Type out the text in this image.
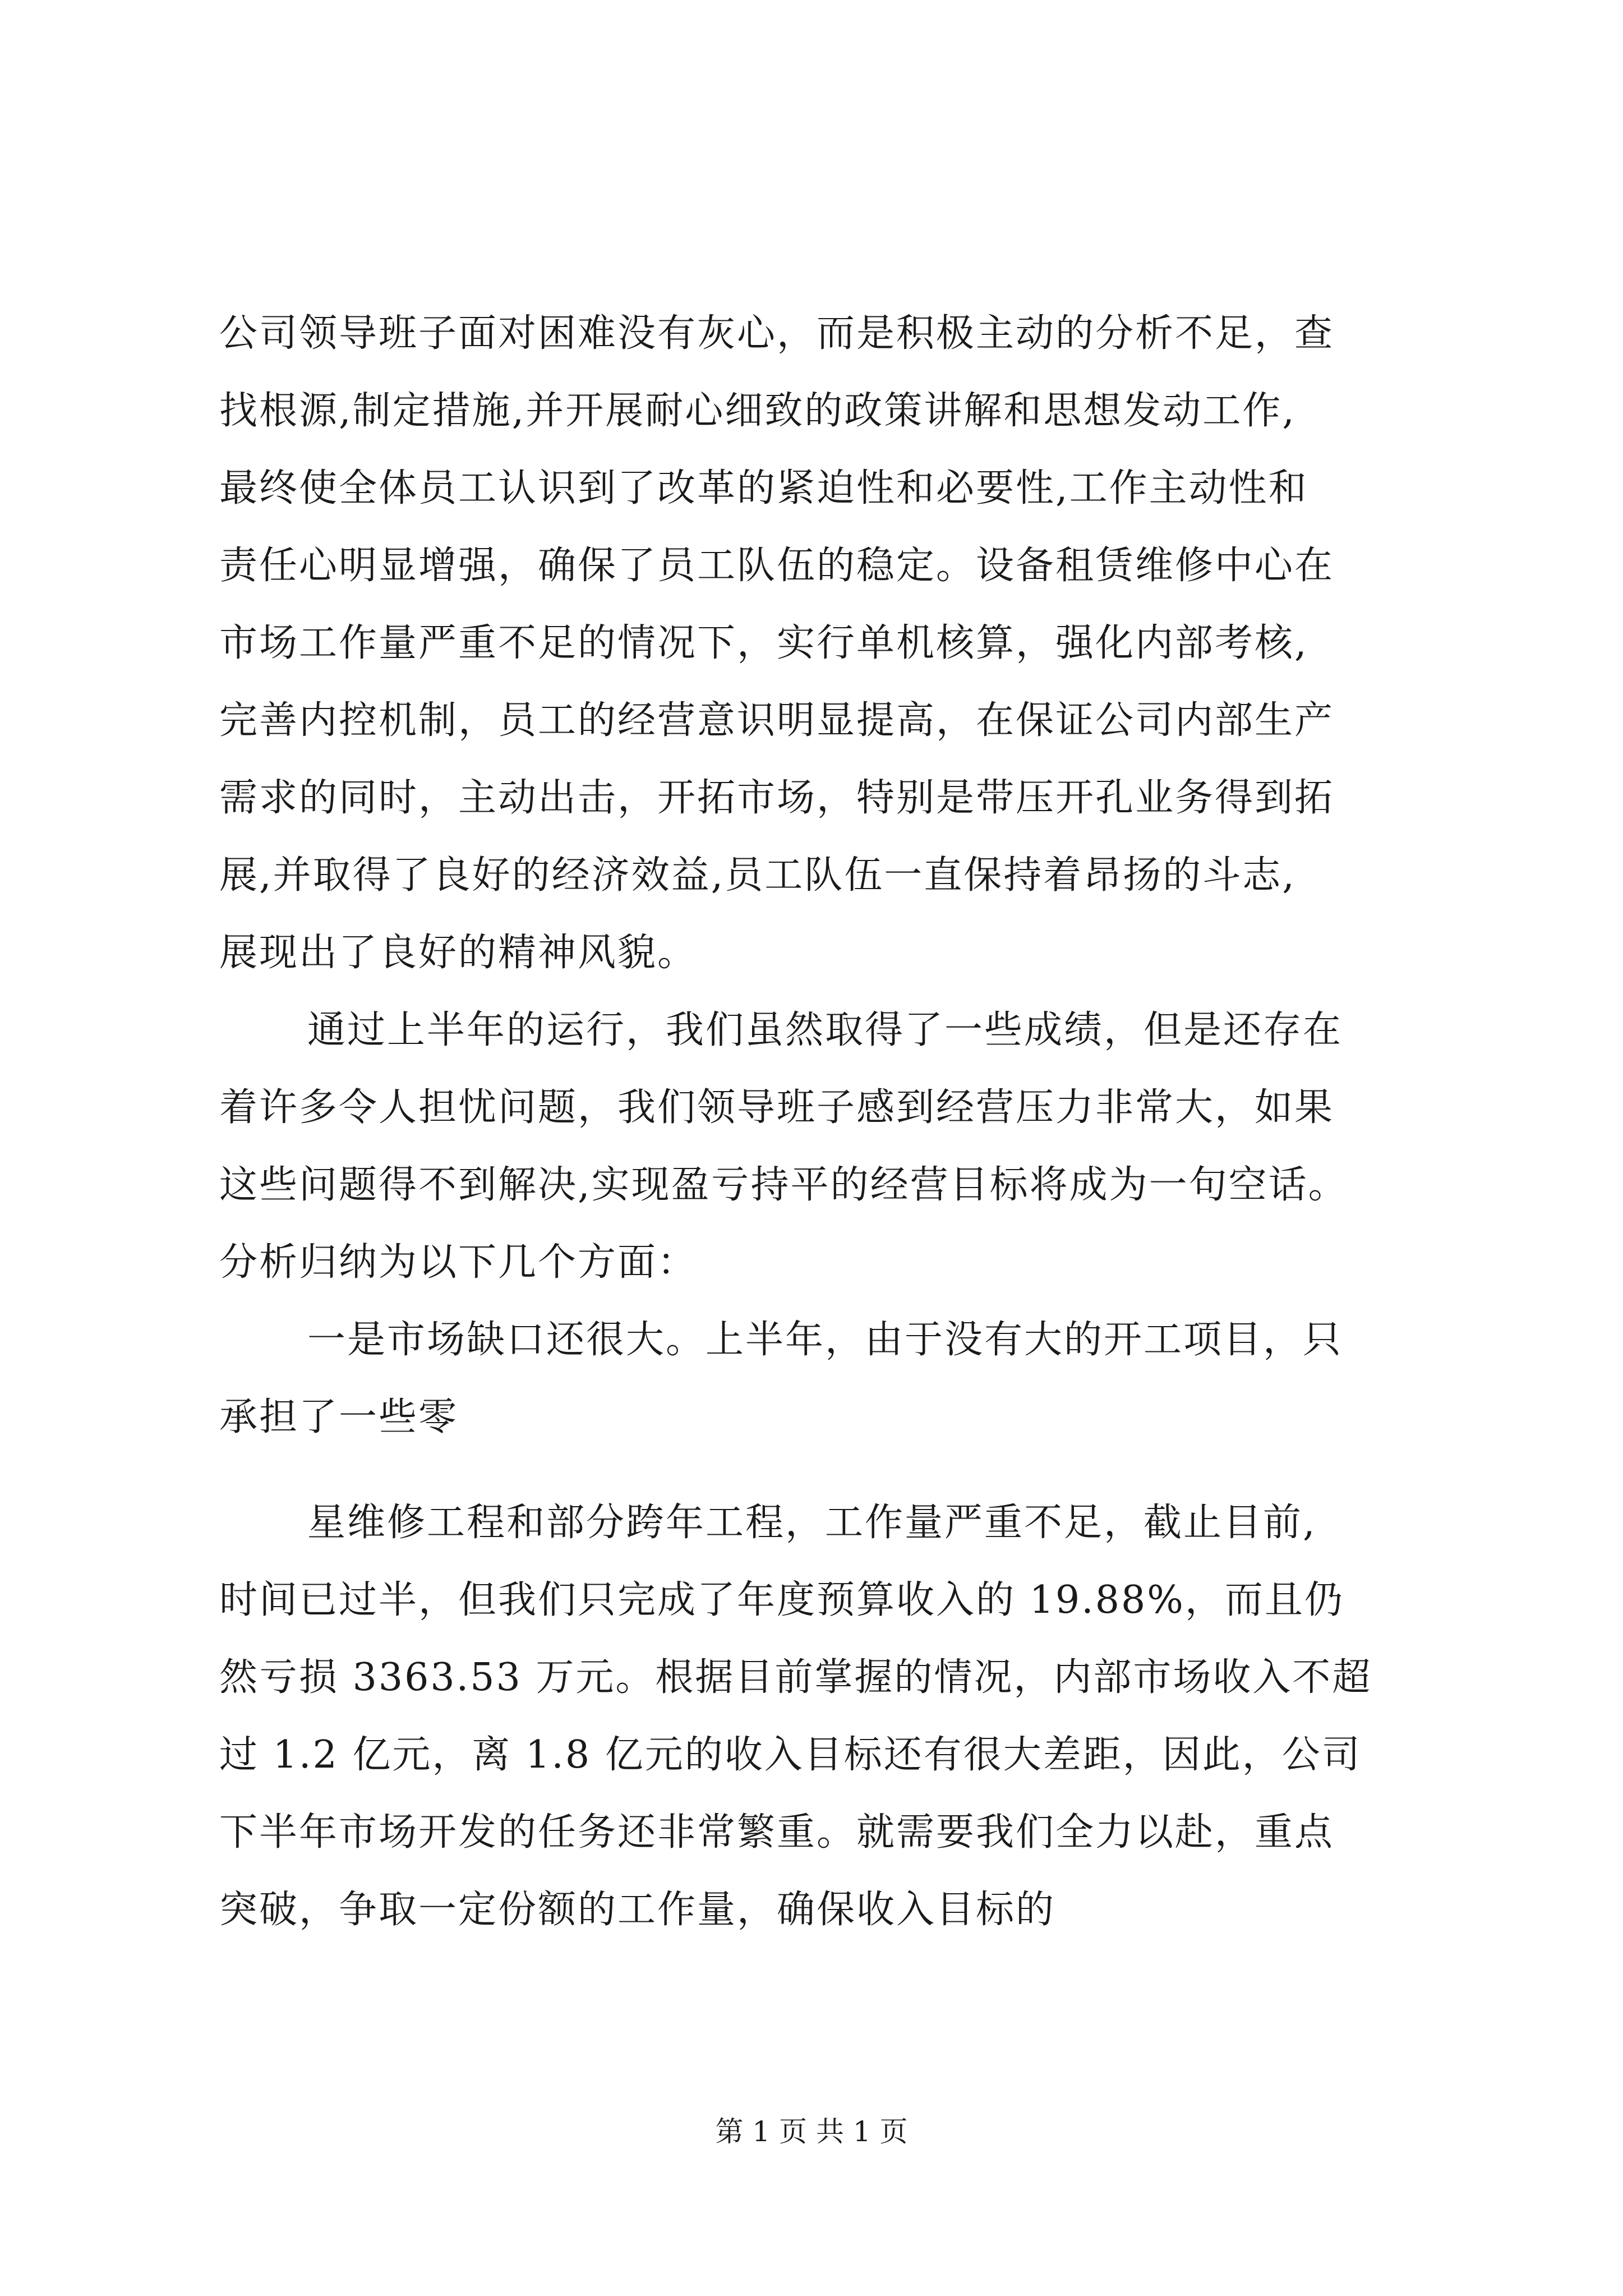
公司领导班子面对困难没有灰心，而是积极主动的分析不足，查
找根源,制定措施,并开展耐心细致的政策讲解和思想发动工作,
最终使全体员工认识到了改革的紧迫性和必要性,工作主动性和
责任心明显增强，确保了员工队伍的稳定。设备租赁维修中心在
市场工作量严重不足的情况下，实行单机核算，强化内部考核,
完善内控机制，员工的经营意识明显提高，在保证公司内部生产
需求的同时，主动出击，开拓市场，特别是带压开孔业务得到拓
展,并取得了良好的经济效益,员工队伍一直保持着昂扬的斗志,
展现出了良好的精神风貌。
通过上半年的运行，我们虽然取得了一些成绩，但是还存在
着许多令人担忧问题，我们领导班子感到经营压力非常大，如果
这些问题得不到解决,实现盈亏持平的经营目标将成为一句空话。
分析归纳为以下几个方面：
一是市场缺口还很大。上半年，由于没有大的开工项目，只
承担了一些零
星维修工程和部分跨年工程，工作量严重不足，截止目前,
时间已过半，但我们只完成了年度预算收入的 19.88%，而且仍
然亏损 3363.53 万元。根据目前掌握的情况，内部市场收入不超
过 1.2 亿元，离 1.8 亿元的收入目标还有很大差距，因此，公司
下半年市场开发的任务还非常繁重。就需要我们全力以赴，重点
突破，争取一定份额的工作量，确保收入目标的
第 1 页 共 1 页
